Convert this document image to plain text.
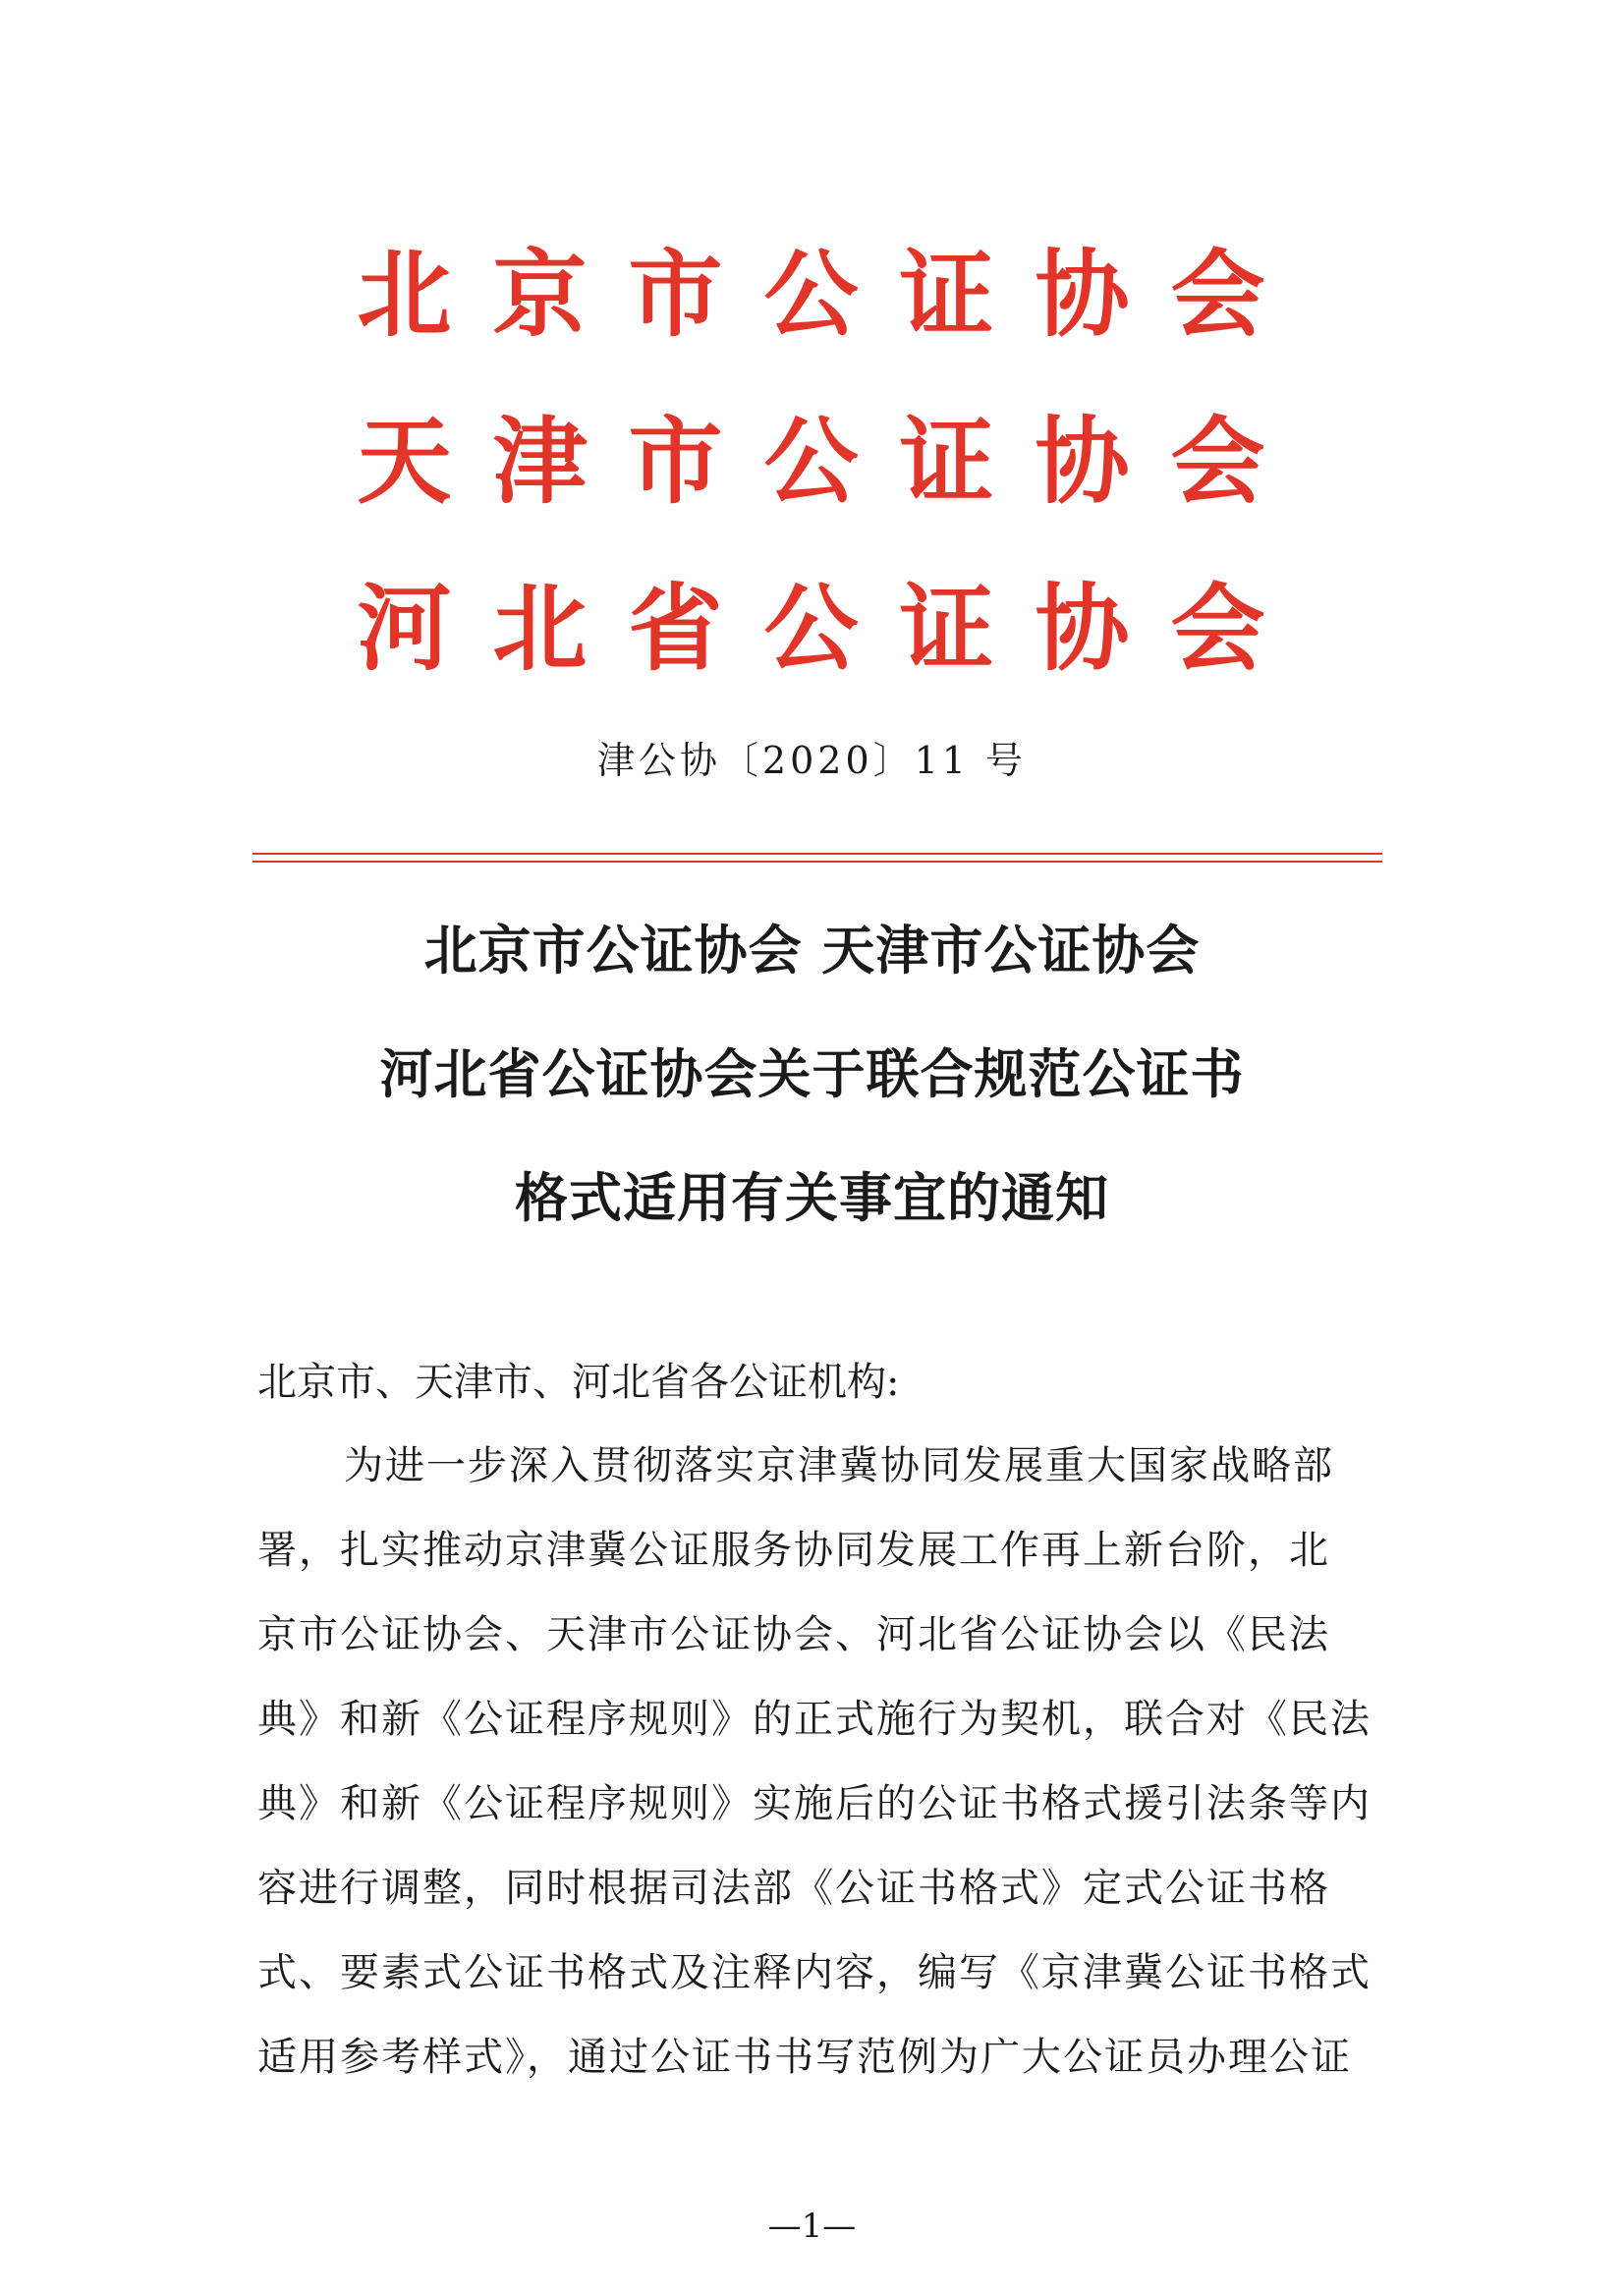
北京市公证协会
天津市公证协会
河北省公证协会
津公协〔2020〕11 号
北京市公证协会 天津市公证协会
河北省公证协会关于联合规范公证书
格式适用有关事宜的通知
北京市、天津市、河北省各公证机构:
为进一步深入贯彻落实京津冀协同发展重大国家战略部
署，扎实推动京津冀公证服务协同发展工作再上新台阶，北
京市公证协会、天津市公证协会、河北省公证协会以《民法
典》和新《公证程序规则》的正式施行为契机，联合对《民法
典》和新《公证程序规则》实施后的公证书格式援引法条等内
容进行调整，同时根据司法部《公证书格式》定式公证书格
式、要素式公证书格式及注释内容，编写《京津冀公证书格式
适用参考样式》，通过公证书书写范例为广大公证员办理公证
—1—
